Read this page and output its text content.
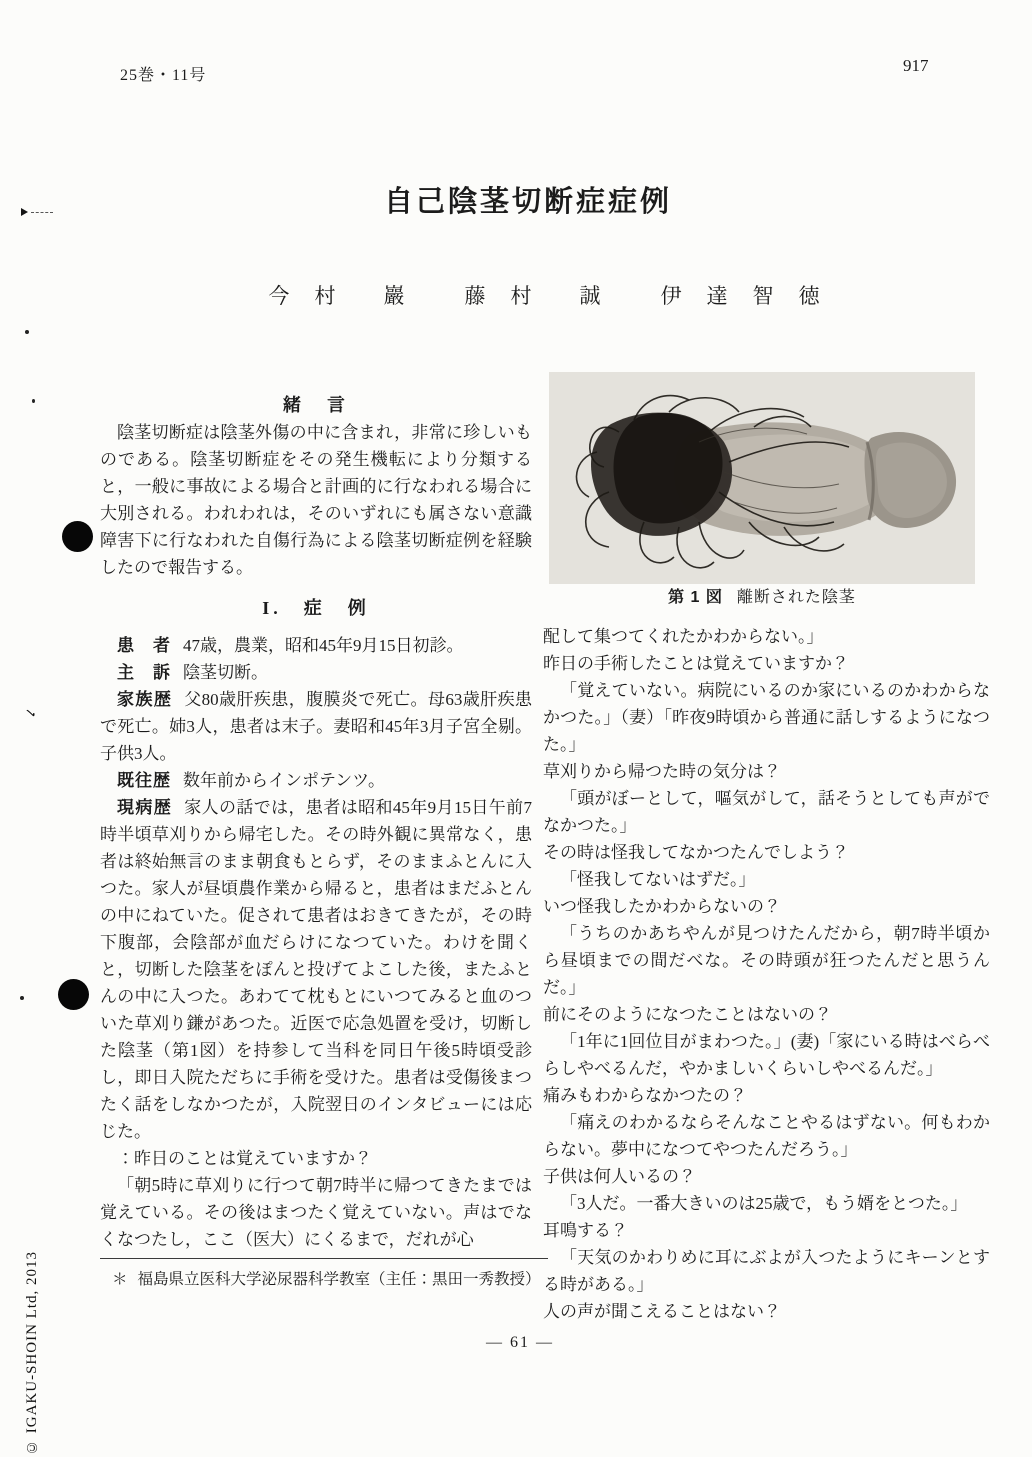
25巻・11号
917
自己陰茎切断症症例
今　村　　巖	藤　村　　誠	伊　達　智　徳

緒　言

陰茎切断症は陰茎外傷の中に含まれ，非常に珍しいものである。陰茎切断症をその発生機転により分類すると，一般に事故による場合と計画的に行なわれる場合に大別される。われわれは，そのいずれにも属さない意識障害下に行なわれた自傷行為による陰茎切断症例を経験したので報告する。

I.　症　例

患　者 47歳，農業，昭和45年9月15日初診。

主　訴 陰茎切断。

家族歴 父80歳肝疾患，腹膜炎で死亡。母63歳肝疾患で死亡。姉3人，患者は末子。妻昭和45年3月子宮全剔。子供3人。

既往歴 数年前からインポテンツ。

現病歴 家人の話では，患者は昭和45年9月15日午前7時半頃草刈りから帰宅した。その時外観に異常なく，患者は終始無言のまま朝食もとらず，そのままふとんに入つた。家人が昼頃農作業から帰ると，患者はまだふとんの中にねていた。促されて患者はおきてきたが，その時下腹部，会陰部が血だらけになつていた。わけを聞くと，切断した陰茎をぽんと投げてよこした後，またふとんの中に入つた。あわてて枕もとにいつてみると血のついた草刈り鎌があつた。近医で応急処置を受け，切断した陰茎（第1図）を持参して当科を同日午後5時頃受診し，即日入院ただちに手術を受けた。患者は受傷後まつたく話をしなかつたが，入院翌日のインタビューには応じた。

：昨日のことは覚えていますか？

「朝5時に草刈りに行つて朝7時半に帰つてきたまでは覚えている。その後はまつたく覚えていない。声はでなくなつたし，ここ（医大）にくるまで，だれが心

第 1 図 離断された陰茎

配して集つてくれたかわからない。」

昨日の手術したことは覚えていますか？

「覚えていない。病院にいるのか家にいるのかわからなかつた。」（妻）「昨夜9時頃から普通に話しするようになつた。」

草刈りから帰つた時の気分は？

「頭がぼーとして，嘔気がして，話そうとしても声がでなかつた。」

その時は怪我してなかつたんでしよう？

「怪我してないはずだ。」

いつ怪我したかわからないの？

「うちのかあちやんが見つけたんだから，朝7時半頃から昼頃までの間だべな。その時頭が狂つたんだと思うんだ。」

前にそのようになつたことはないの？

「1年に1回位目がまわつた。」(妻)「家にいる時はべらべらしやべるんだ，やかましいくらいしやべるんだ。」

痛みもわからなかつたの？

「痛えのわかるならそんなことやるはずない。何もわからない。夢中になつてやつたんだろう。」

子供は何人いるの？

「3人だ。一番大きいのは25歳で，もう婿をとつた。」

耳鳴する？

「天気のかわりめに耳にぶよが入つたようにキーンとする時がある。」

人の声が聞こえることはない？

＊ 福島県立医科大学泌尿器科学教室（主任：黒田一秀教授）
— 61 —
© IGAKU-SHOIN Ltd, 2013
✓
